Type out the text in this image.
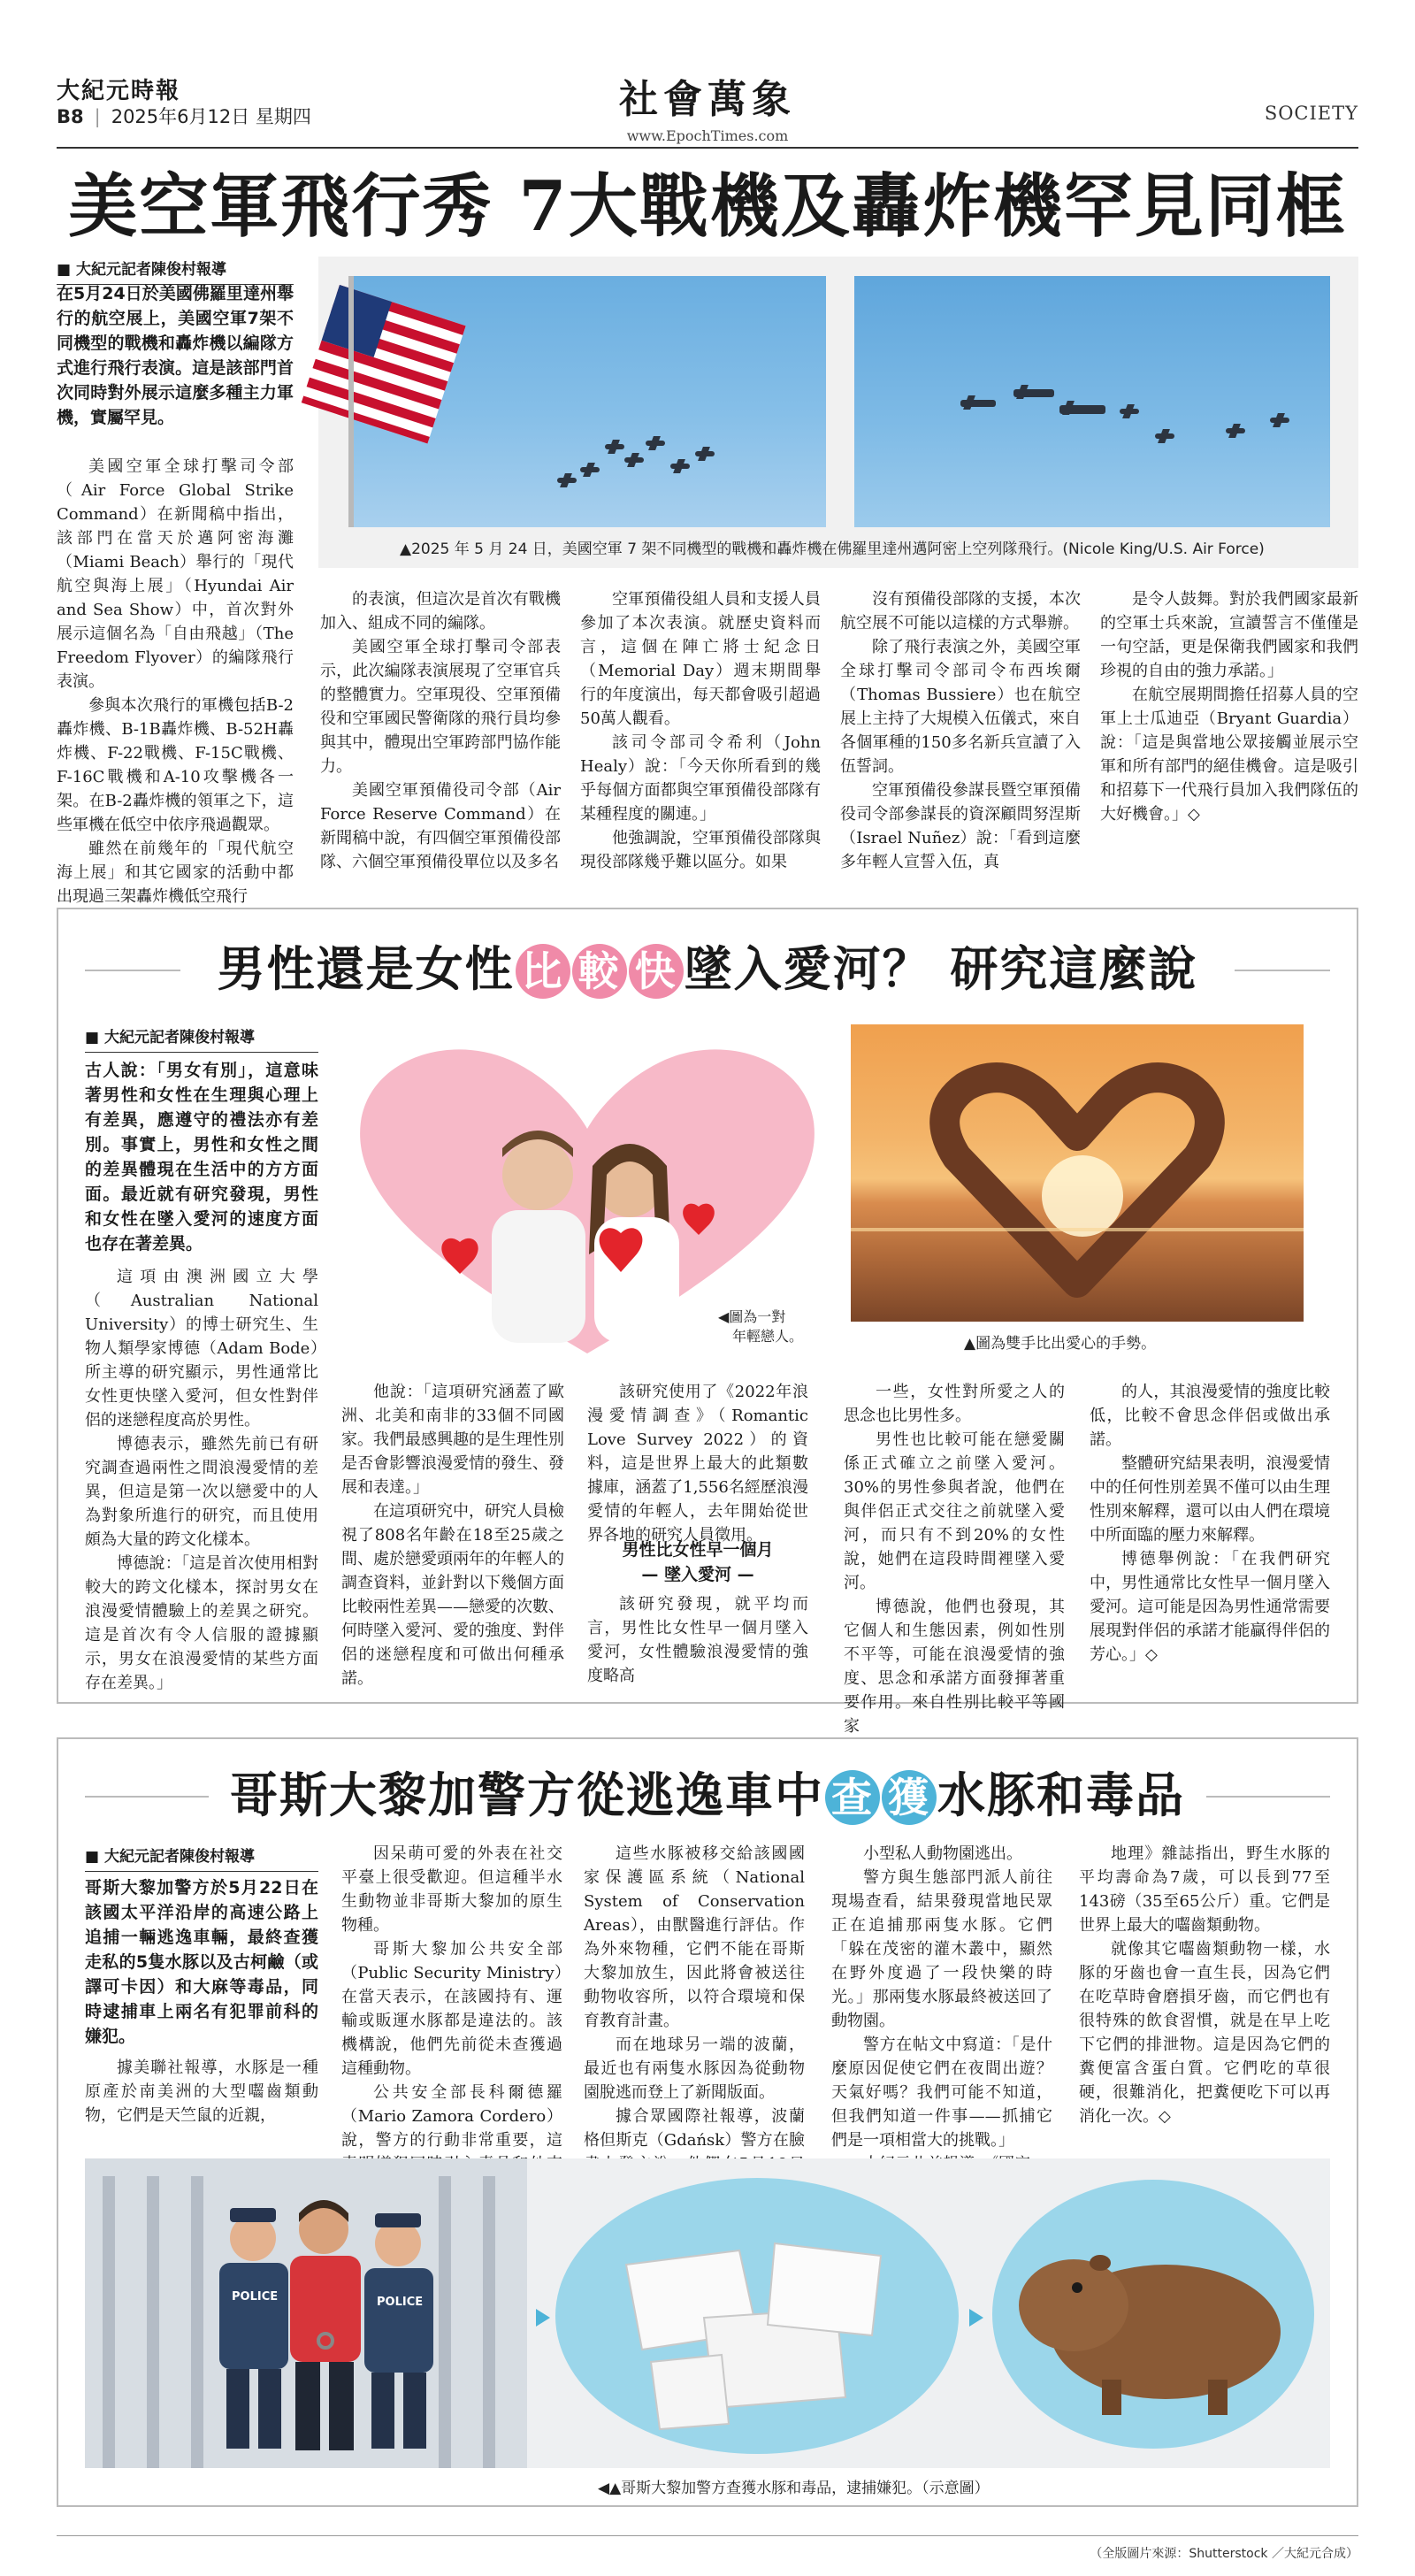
大紀元時報
B8 | 2025年6月12日 星期四	社會萬象
www.EpochTimes.com
SOCIETY
美空軍飛行秀 7大戰機及轟炸機罕見同框
■ 大紀元記者陳俊村報導
在5月24日於美國佛羅里達州舉行的航空展上，美國空軍7架不同機型的戰機和轟炸機以編隊方式進行飛行表演。這是該部門首次同時對外展示這麼多種主力軍機，實屬罕見。

美國空軍全球打擊司令部（Air Force Global Strike Command）在新聞稿中指出，該部門在當天於邁阿密海灘（Miami Beach）舉行的「現代航空與海上展」（Hyundai Air and Sea Show）中，首次對外展示這個名為「自由飛越」（The Freedom Flyover）的編隊飛行表演。

參與本次飛行的軍機包括B-2轟炸機、B-1B轟炸機、B-52H轟炸機、F-22戰機、F-15C戰機、F-16C戰機和A-10攻擊機各一架。在B-2轟炸機的領軍之下，這些軍機在低空中依序飛過觀眾。

雖然在前幾年的「現代航空海上展」和其它國家的活動中都出現過三架轟炸機低空飛行

▲2025 年 5 月 24 日，美國空軍 7 架不同機型的戰機和轟炸機在佛羅里達州邁阿密上空列隊飛行。(Nicole King/U.S. Air Force)

的表演，但這次是首次有戰機加入、組成不同的編隊。

美國空軍全球打擊司令部表示，此次編隊表演展現了空軍官兵的整體實力。空軍現役、空軍預備役和空軍國民警衛隊的飛行員均參與其中，體現出空軍跨部門協作能力。

美國空軍預備役司令部（Air Force Reserve Command）在新聞稿中說，有四個空軍預備役部隊、六個空軍預備役單位以及多名

空軍預備役組人員和支援人員參加了本次表演。就歷史資料而言，這個在陣亡將士紀念日（Memorial Day）週末期間舉行的年度演出，每天都會吸引超過50萬人觀看。

該司令部司令希利（John Healy）說：「今天你所看到的幾乎每個方面都與空軍預備役部隊有某種程度的關連。」

他強調說，空軍預備役部隊與現役部隊幾乎難以區分。如果

沒有預備役部隊的支援，本次航空展不可能以這樣的方式舉辦。

除了飛行表演之外，美國空軍全球打擊司令部司令布西埃爾（Thomas Bussiere）也在航空展上主持了大規模入伍儀式，來自各個軍種的150多名新兵宣讀了入伍誓詞。

空軍預備役參謀長暨空軍預備役司令部參謀長的資深顧問努涅斯（Israel Nuñez）說：「看到這麼多年輕人宣誓入伍，真

是令人鼓舞。對於我們國家最新的空軍士兵來說，宣讀誓言不僅僅是一句空話，更是保衛我們國家和我們珍視的自由的強力承諾。」

在航空展期間擔任招募人員的空軍上士瓜迪亞（Bryant Guardia）說：「這是與當地公眾接觸並展示空軍和所有部門的絕佳機會。這是吸引和招募下一代飛行員加入我們隊伍的大好機會。」◇

男性還是女性 比 較 快 墜入愛河？ 研究這麼說
■ 大紀元記者陳俊村報導
古人說：「男女有別」，這意味著男性和女性在生理與心理上有差異，應遵守的禮法亦有差別。事實上，男性和女性之間的差異體現在生活中的方方面面。最近就有研究發現，男性和女性在墜入愛河的速度方面也存在著差異。

這項由澳洲國立大學（Australian National University）的博士研究生、生物人類學家博德（Adam Bode）所主導的研究顯示，男性通常比女性更快墜入愛河，但女性對伴侶的迷戀程度高於男性。

博德表示，雖然先前已有研究調查過兩性之間浪漫愛情的差異，但這是第一次以戀愛中的人為對象所進行的研究，而且使用頗為大量的跨文化樣本。

博德說：「這是首次使用相對較大的跨文化樣本，探討男女在浪漫愛情體驗上的差異之研究。這是首次有令人信服的證據顯示，男女在浪漫愛情的某些方面存在差異。」

◀圖為一對
年輕戀人。	▲圖為雙手比出愛心的手勢。

他說：「這項研究涵蓋了歐洲、北美和南非的33個不同國家。我們最感興趣的是生理性別是否會影響浪漫愛情的發生、發展和表達。」

在這項研究中，研究人員檢視了808名年齡在18至25歲之間、處於戀愛頭兩年的年輕人的調查資料，並針對以下幾個方面比較兩性差異——戀愛的次數、何時墜入愛河、愛的強度、對伴侶的迷戀程度和可做出何種承諾。

該研究使用了《2022年浪漫愛情調查》（Romantic Love Survey 2022）的資料，這是世界上最大的此類數據庫，涵蓋了1,556名經歷浪漫愛情的年輕人，去年開始從世界各地的研究人員徵用。

男性比女性早一個月
— 墜入愛河 —

該研究發現，就平均而言，男性比女性早一個月墜入愛河，女性體驗浪漫愛情的強度略高

一些，女性對所愛之人的思念也比男性多。

男性也比較可能在戀愛關係正式確立之前墜入愛河。30%的男性參與者說，他們在與伴侶正式交往之前就墜入愛河，而只有不到20%的女性說，她們在這段時間裡墜入愛河。

博德說，他們也發現，其它個人和生態因素，例如性別不平等，可能在浪漫愛情的強度、思念和承諾方面發揮著重要作用。來自性別比較平等國家

的人，其浪漫愛情的強度比較低，比較不會思念伴侶或做出承諾。

整體研究結果表明，浪漫愛情中的任何性別差異不僅可以由生理性別來解釋，還可以由人們在環境中所面臨的壓力來解釋。

博德舉例說：「在我們研究中，男性通常比女性早一個月墜入愛河。這可能是因為男性通常需要展現對伴侶的承諾才能贏得伴侶的芳心。」◇

哥斯大黎加警方從逃逸車中 查 獲 水豚和毒品
■ 大紀元記者陳俊村報導
哥斯大黎加警方於5月22日在該國太平洋沿岸的高速公路上追捕一輛逃逸車輛，最終查獲走私的5隻水豚以及古柯鹼（或譯可卡因）和大麻等毒品，同時逮捕車上兩名有犯罪前科的嫌犯。

據美聯社報導，水豚是一種原產於南美洲的大型囓齒類動物，它們是天竺鼠的近親，

因呆萌可愛的外表在社交平臺上很受歡迎。但這種半水生動物並非哥斯大黎加的原生物種。

哥斯大黎加公共安全部（Public Security Ministry）在當天表示，在該國持有、運輸或販運水豚都是違法的。該機構說，他們先前從未查獲過這種動物。

公共安全部長科爾德羅（Mario Zamora Cordero）說，警方的行動非常重要，這

這些水豚被移交給該國國家保護區系統（National System of Conservation Areas），由獸醫進行評估。作為外來物種，它們不能在哥斯大黎加放生，因此將會被送往動物收容所，以符合環境和保育教育計畫。

而在地球另一端的波蘭，最近也有兩隻水豚因為從動物園脫逃而登上了新聞版面。

據合眾國際社報導，波蘭格但斯克（Gdańsk）警方在臉

小型私人動物園逃出。

警方與生態部門派人前往現場查看，結果發現當地民眾正在追捕那兩隻水豚。它們「躲在茂密的灌木叢中，顯然在野外度過了一段快樂的時光。」那兩隻水豚最終被送回了動物園。

警方在帖文中寫道：「是什麼原因促使它們在夜間出遊？天氣好嗎？我們可能不知道，但我們知道一件事——抓捕它們是一項相當大的挑戰。」

地理》雜誌指出，野生水豚的平均壽命為7歲，可以長到77至143磅（35至65公斤）重。它們是世界上最大的囓齒類動物。

就像其它囓齒類動物一樣，水豚的牙齒也會一直生長，因為它們在吃草時會磨損牙齒，而它們也有很特殊的飲食習慣，就是在早上吃下它們的排泄物。這是因為它們的糞便富含蛋白質。它們吃的草很硬，很難消化，把糞便吃下可以再消化一次。◇

POLICE	POLICE
◀▲哥斯大黎加警方查獲水豚和毒品，逮捕嫌犯。（示意圖）
（全版圖片來源：Shutterstock ／大紀元合成）
